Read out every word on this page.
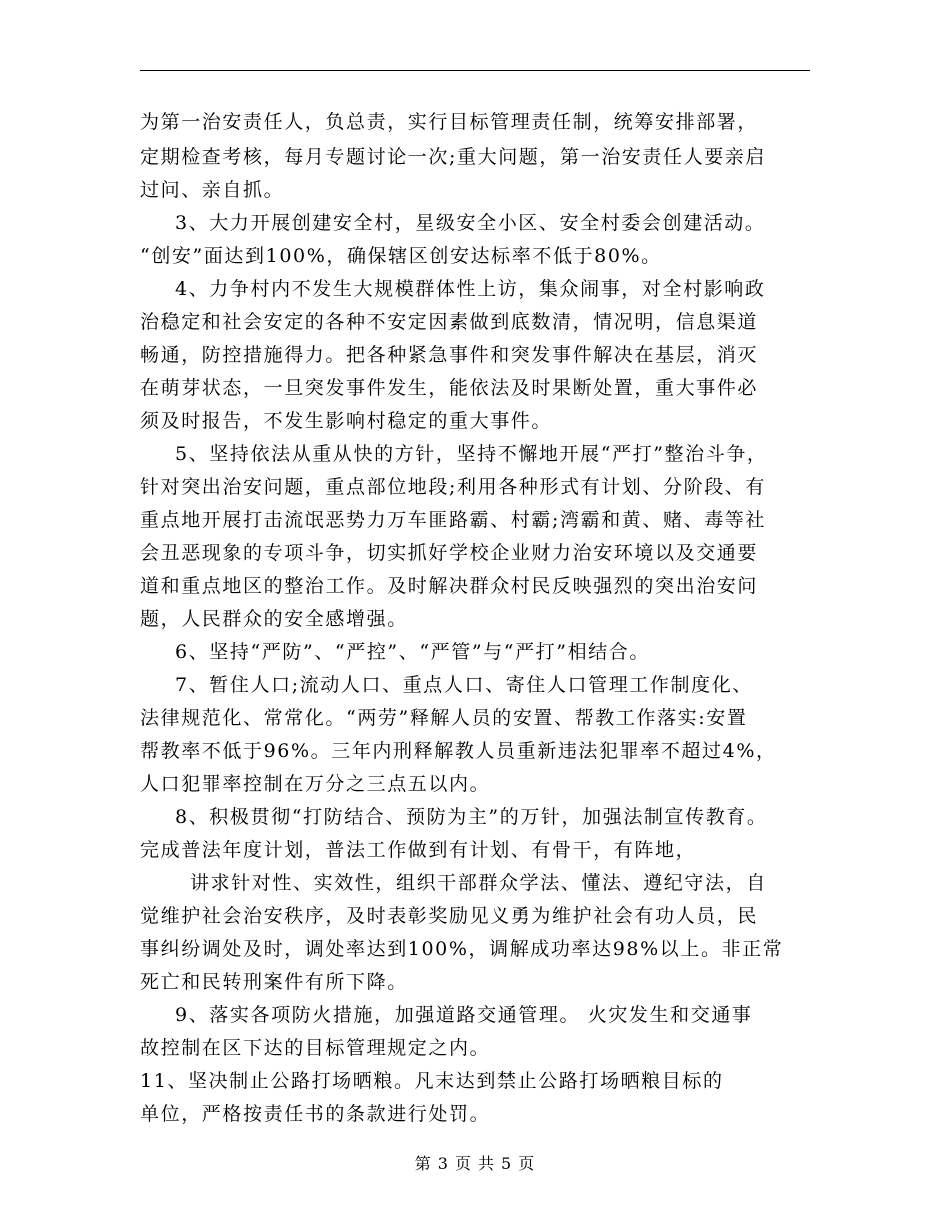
为第一治安责任人，负总责，实行目标管理责任制，统筹安排部署，
定期检查考核，每月专题讨论一次;重大问题，第一治安责任人要亲启
过问、亲自抓。
3、大力开展创建安全村，星级安全小区、安全村委会创建活动。
“创安”面达到100%，确保辖区创安达标率不低于80%。
4、力争村内不发生大规模群体性上访，集众闹事，对全村影响政
治稳定和社会安定的各种不安定因素做到底数清，情况明，信息渠道
畅通，防控措施得力。把各种紧急事件和突发事件解决在基层，消灭
在萌芽状态，一旦突发事件发生，能依法及时果断处置，重大事件必
须及时报告，不发生影响村稳定的重大事件。
5、坚持依法从重从快的方针，坚持不懈地开展“严打”整治斗争，
针对突出治安问题，重点部位地段;利用各种形式有计划、分阶段、有
重点地开展打击流氓恶势力万车匪路霸、村霸;湾霸和黄、赌、毒等社
会丑恶现象的专项斗争，切实抓好学校企业财力治安环境以及交通要
道和重点地区的整治工作。及时解决群众村民反映强烈的突出治安问
题，人民群众的安全感增强。
6、坚持“严防”、“严控”、“严管”与“严打”相结合。
7、暂住人口;流动人口、重点人口、寄住人口管理工作制度化、
法律规范化、常常化。“两劳”释解人员的安置、帮教工作落实:安置
帮教率不低于96%。三年内刑释解教人员重新违法犯罪率不超过4%，
人口犯罪率控制在万分之三点五以内。
8、积极贯彻“打防结合、预防为主”的万针，加强法制宣传教育。
完成普法年度计划，普法工作做到有计划、有骨干，有阵地，
讲求针对性、实效性，组织干部群众学法、懂法、遵纪守法，自
觉维护社会治安秩序，及时表彰奖励见义勇为维护社会有功人员，民
事纠纷调处及时，调处率达到100%，调解成功率达98%以上。非正常
死亡和民转刑案件有所下降。
9、落实各项防火措施，加强道路交通管理。 火灾发生和交通事
故控制在区下达的目标管理规定之内。
11、坚决制止公路打场晒粮。凡末达到禁止公路打场晒粮目标的
单位，严格按责任书的条款进行处罚。
第 3 页 共 5 页
